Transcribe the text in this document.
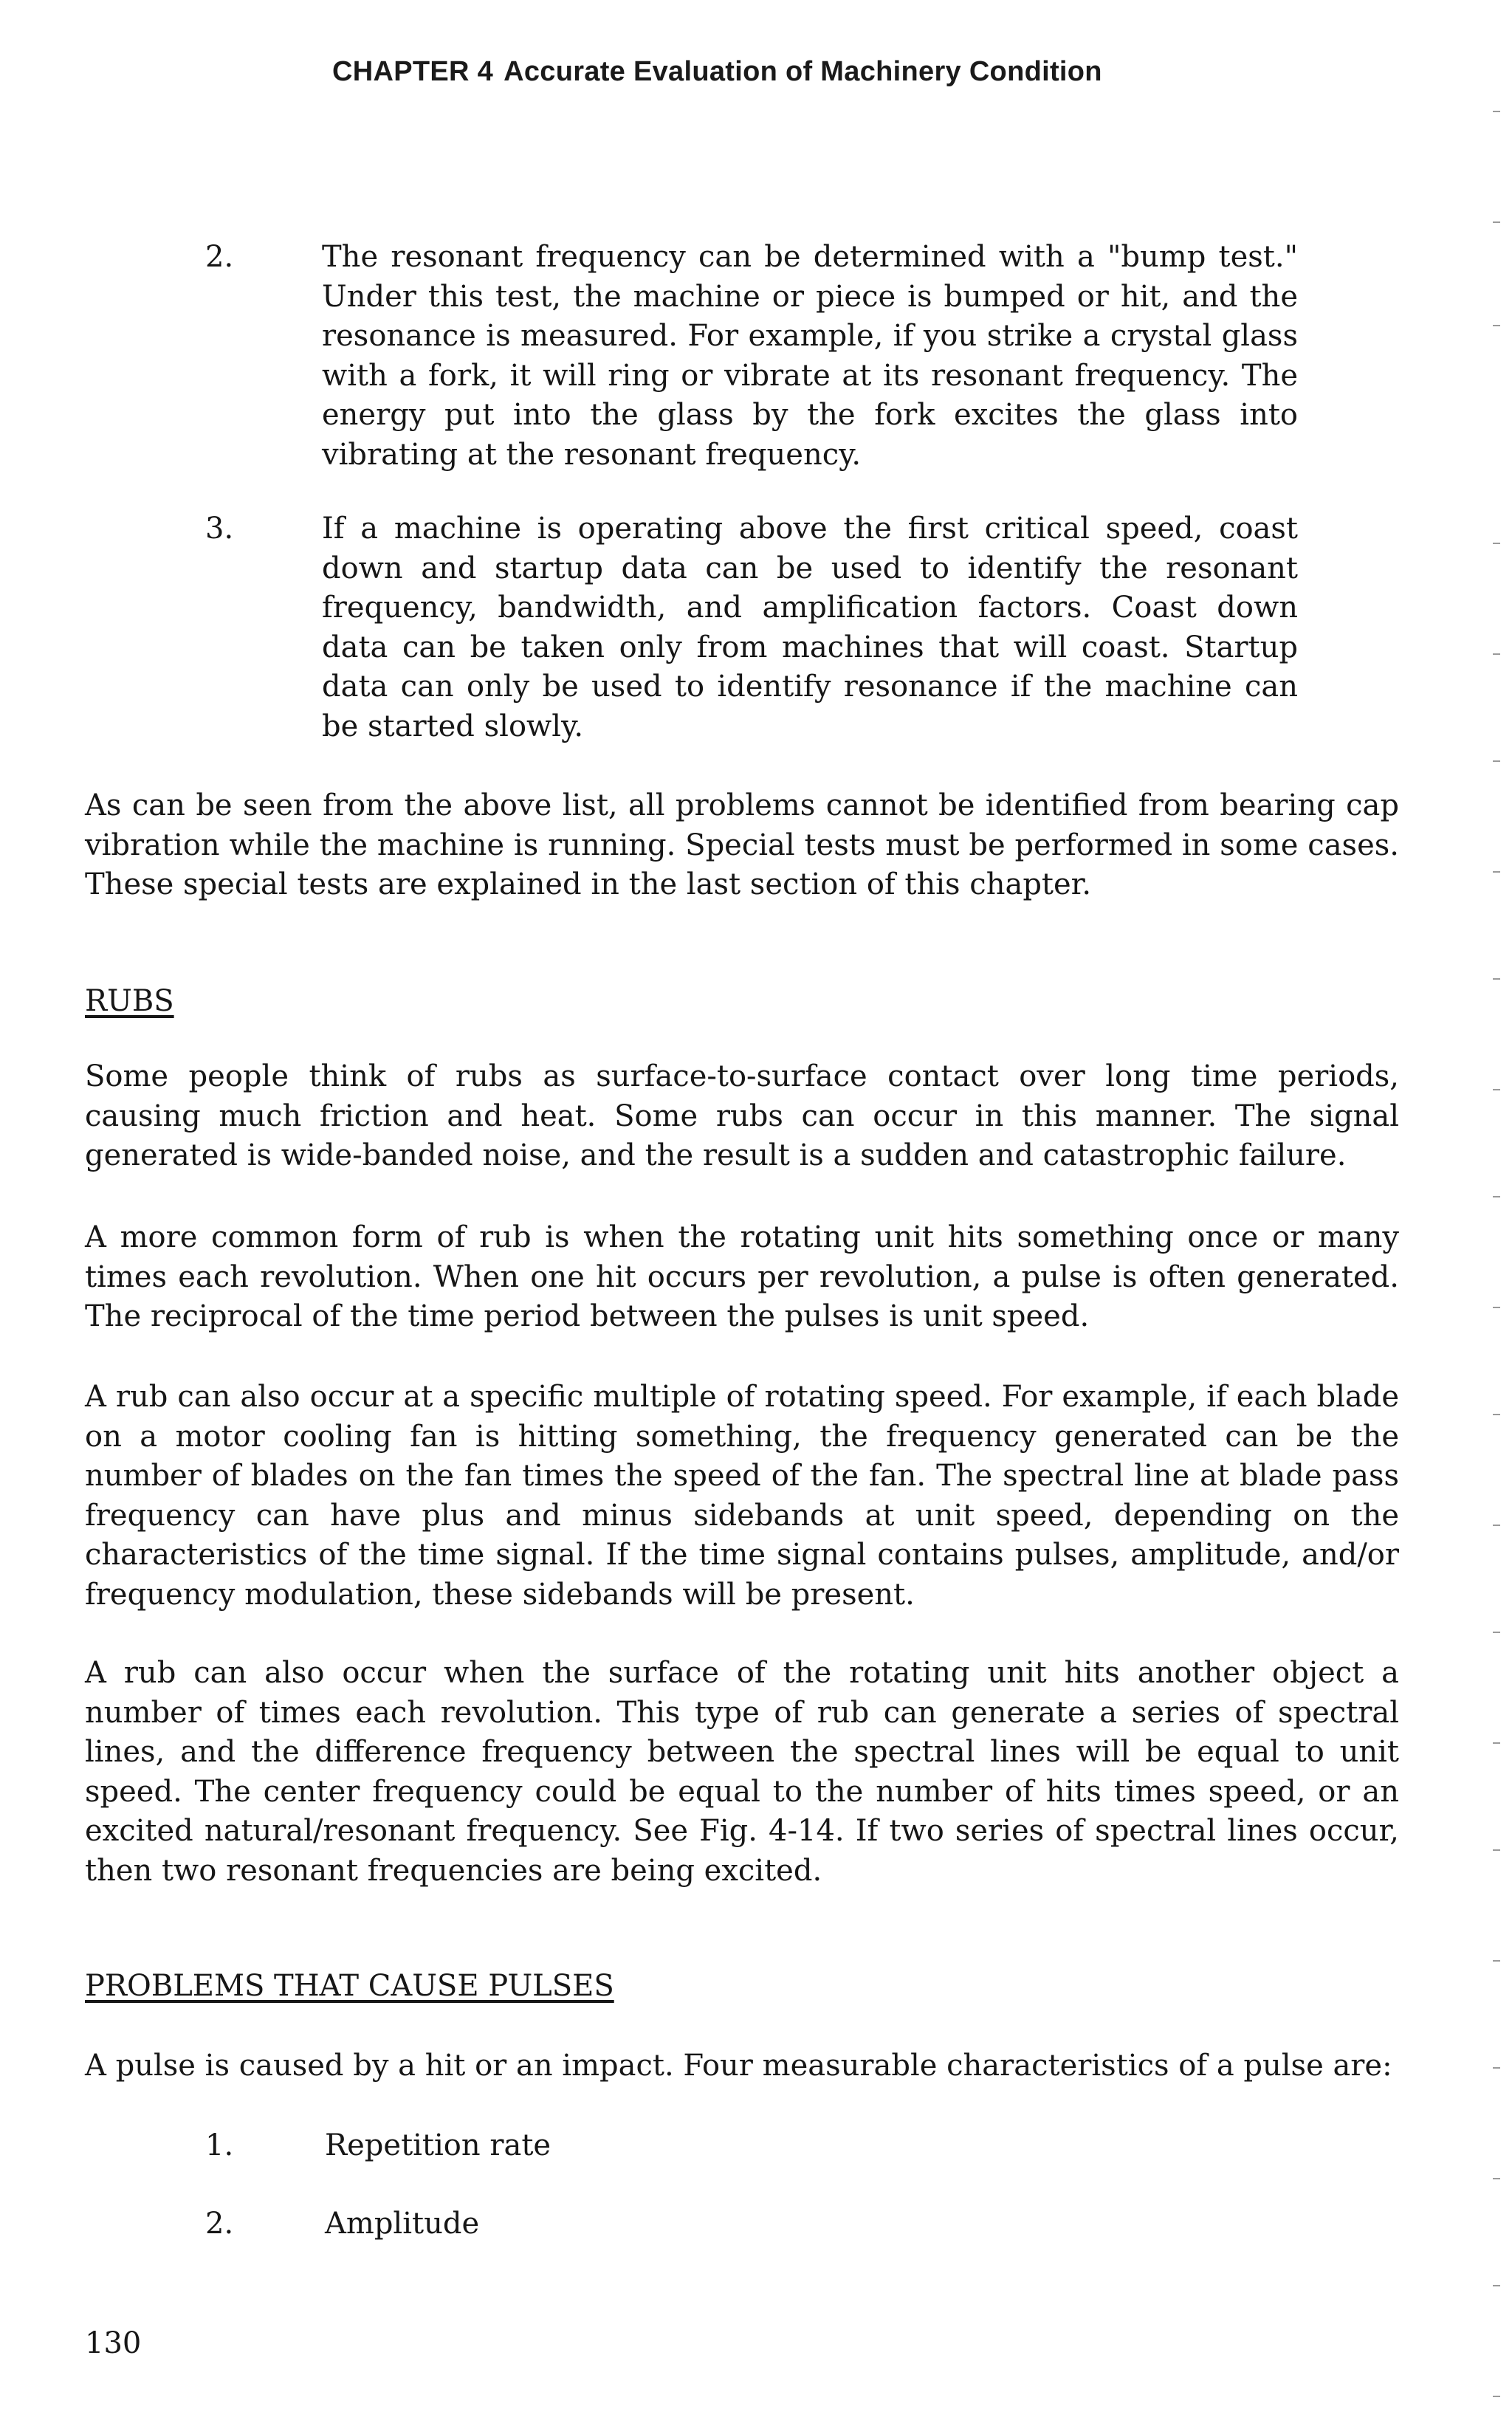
CHAPTER 4 Accurate Evaluation of Machinery Condition
2.	The resonant frequency can be determined with a "bump test." Under this test, the machine or piece is bumped or hit, and the resonance is measured. For example, if you strike a crystal glass with a fork, it will ring or vibrate at its resonant frequency. The energy put into the glass by the fork excites the glass into vibrating at the resonant frequency.
3.	If a machine is operating above the first critical speed, coast down and startup data can be used to identify the resonant frequency, bandwidth, and amplification factors. Coast down data can be taken only from machines that will coast. Startup data can only be used to identify resonance if the machine can be started slowly.
As can be seen from the above list, all problems cannot be identified from bearing cap vibration while the machine is running. Special tests must be performed in some cases. These special tests are explained in the last section of this chapter.
RUBS
Some people think of rubs as surface-to-surface contact over long time periods, causing much friction and heat. Some rubs can occur in this manner. The signal generated is wide-banded noise, and the result is a sudden and catastrophic failure.
A more common form of rub is when the rotating unit hits something once or many times each revolution. When one hit occurs per revolution, a pulse is often generated. The reciprocal of the time period between the pulses is unit speed.
A rub can also occur at a specific multiple of rotating speed. For example, if each blade on a motor cooling fan is hitting something, the frequency generated can be the number of blades on the fan times the speed of the fan. The spectral line at blade pass frequency can have plus and minus sidebands at unit speed, depending on the characteristics of the time signal. If the time signal contains pulses, amplitude, and/or frequency modulation, these sidebands will be present.
A rub can also occur when the surface of the rotating unit hits another object a number of times each revolution. This type of rub can generate a series of spectral lines, and the difference frequency between the spectral lines will be equal to unit speed. The center frequency could be equal to the number of hits times speed, or an excited natural/resonant frequency. See Fig. 4-14. If two series of spectral lines occur, then two resonant frequencies are being excited.
PROBLEMS THAT CAUSE PULSES
A pulse is caused by a hit or an impact. Four measurable characteristics of a pulse are:
1.	Repetition rate
2.	Amplitude
130
